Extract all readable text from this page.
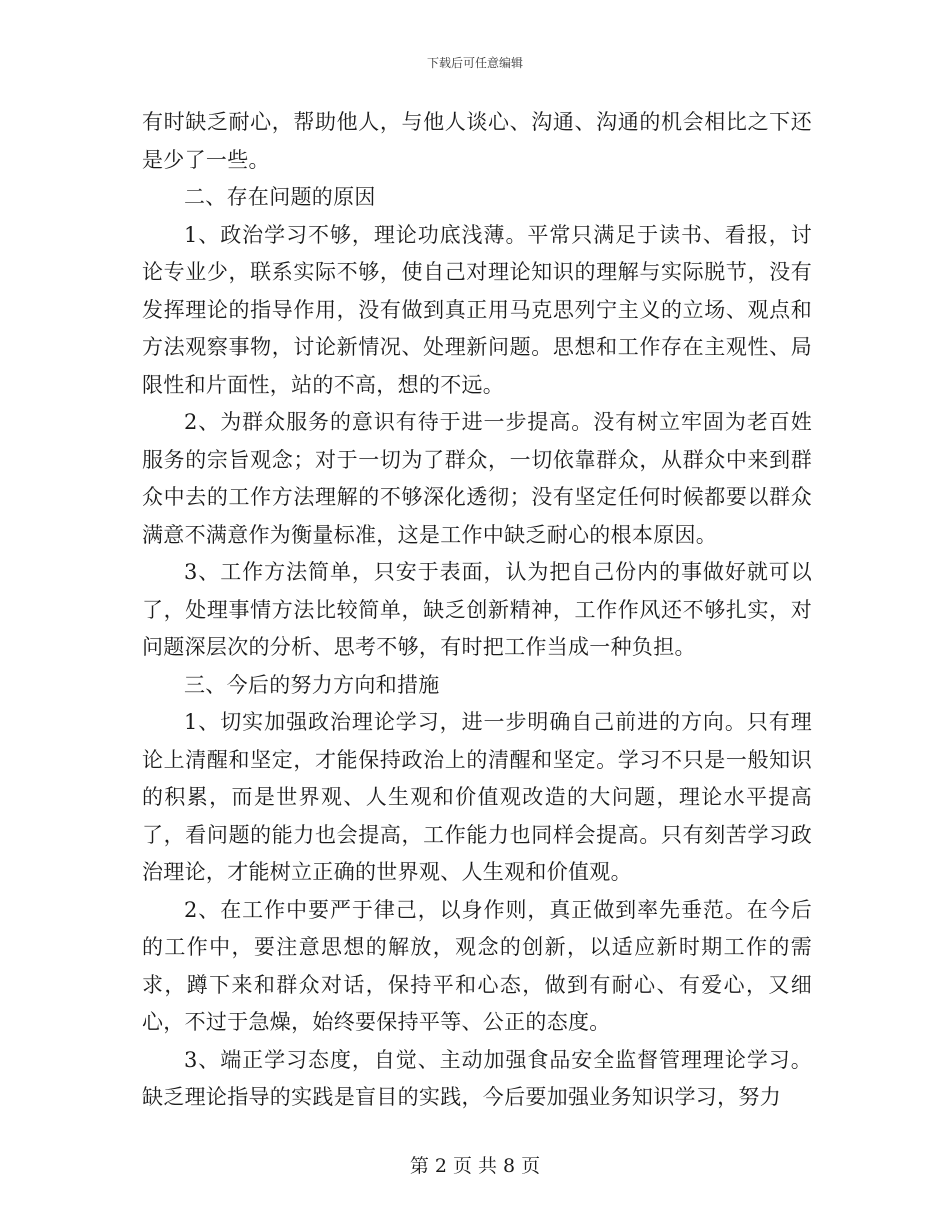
下载后可任意编辑

有时缺乏耐心，帮助他人，与他人谈心、沟通、沟通的机会相比之下还是少了一些。

二、存在问题的原因

1、政治学习不够，理论功底浅薄。平常只满足于读书、看报，讨论专业少，联系实际不够，使自己对理论知识的理解与实际脱节，没有发挥理论的指导作用，没有做到真正用马克思列宁主义的立场、观点和方法观察事物，讨论新情况、处理新问题。思想和工作存在主观性、局限性和片面性，站的不高，想的不远。

2、为群众服务的意识有待于进一步提高。没有树立牢固为老百姓服务的宗旨观念；对于一切为了群众，一切依靠群众，从群众中来到群众中去的工作方法理解的不够深化透彻；没有坚定任何时候都要以群众满意不满意作为衡量标准，这是工作中缺乏耐心的根本原因。

3、工作方法简单，只安于表面，认为把自己份内的事做好就可以了，处理事情方法比较简单，缺乏创新精神，工作作风还不够扎实，对问题深层次的分析、思考不够，有时把工作当成一种负担。

三、今后的努力方向和措施

1、切实加强政治理论学习，进一步明确自己前进的方向。只有理论上清醒和坚定，才能保持政治上的清醒和坚定。学习不只是一般知识的积累，而是世界观、人生观和价值观改造的大问题，理论水平提高了，看问题的能力也会提高，工作能力也同样会提高。只有刻苦学习政治理论，才能树立正确的世界观、人生观和价值观。

2、在工作中要严于律己，以身作则，真正做到率先垂范。在今后的工作中，要注意思想的解放，观念的创新，以适应新时期工作的需求，蹲下来和群众对话，保持平和心态，做到有耐心、有爱心，又细心，不过于急燥，始终要保持平等、公正的态度。

3、端正学习态度，自觉、主动加强食品安全监督管理理论学习。缺乏理论指导的实践是盲目的实践，今后要加强业务知识学习，努力

第 2 页 共 8 页
